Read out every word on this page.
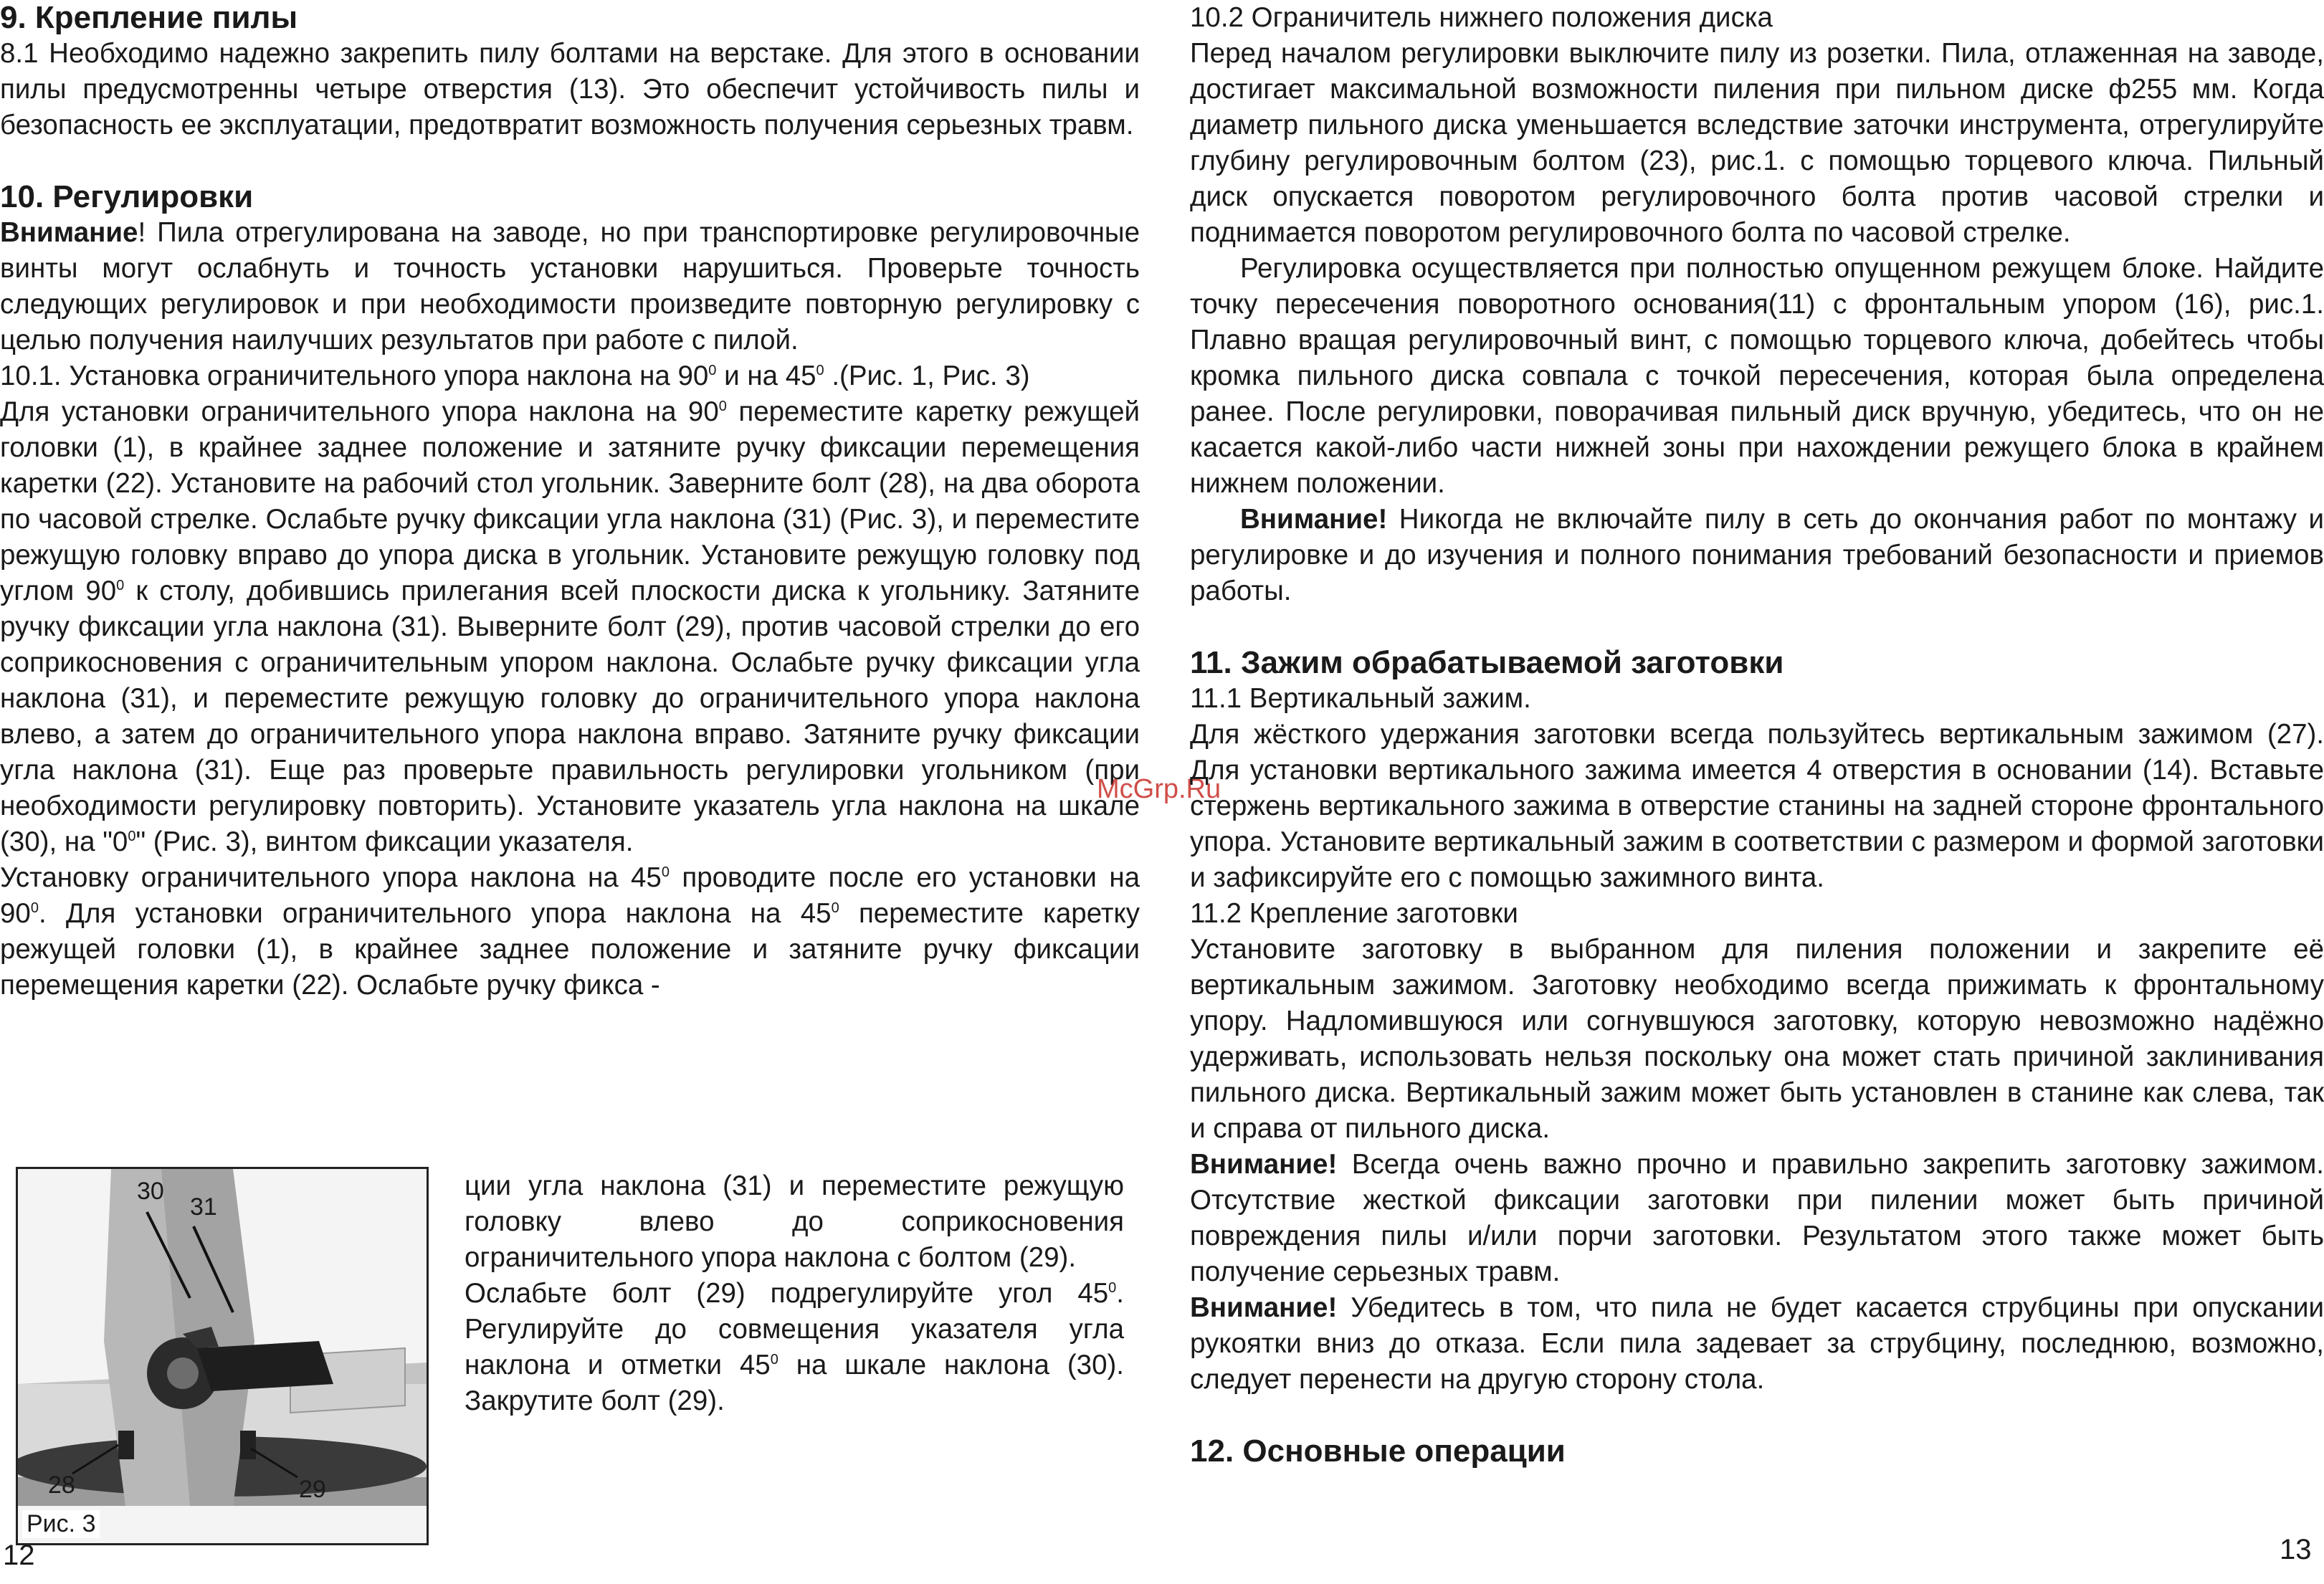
9. Крепление пилы

8.1 Необходимо надежно закрепить пилу болтами на верстаке. Для этого в основании пилы предусмотренны четыре отверстия (13). Это обеспечит устойчивость пилы и безопасность ее эксплуатации, предотвратит возможность получения серьезных травм.

10. Регулировки

Внимание! Пила отрегулирована на заводе, но при транспортировке регулировочные винты могут ослабнуть и точность установки нарушиться. Проверьте точность следующих регулировок и при необходимости произведите повторную регулировку с целью получения наилучших результатов при работе с пилой.

10.1. Установка ограничительного упора наклона на $90^0$ и на $45^0$ .(Рис. 1, Рис. 3)

Для установки ограничительного упора наклона на $90^0$ переместите каретку режущей головки (1), в крайнее заднее положение и затяните ручку фиксации перемещения каретки (22). Установите на рабочий стол угольник. Заверните болт (28), на два оборота по часовой стрелке. Ослабьте ручку фиксации угла наклона (31) (Рис. 3), и переместите режущую головку вправо до упора диска в угольник. Установите режущую головку под углом $90^0$ к столу, добившись прилегания всей плоскости диска к угольнику. Затяните ручку фиксации угла наклона (31). Выверните болт (29), против часовой стрелки до его соприкосновения с ограничительным упором наклона. Ослабьте ручку фиксации угла наклона (31), и переместите режущую головку до ограничительного упора наклона влево, а затем до ограничительного упора наклона вправо. Затяните ручку фиксации угла наклона (31). Еще раз проверьте правильность регулировки угольником (при необходимости регулировку повторить). Установите указатель угла наклона на шкале (30), на "$0^0$" (Рис. 3), винтом фиксации указателя.

Установку ограничительного упора наклона на $45^0$ проводите после его установки на $90^0$. Для установки ограничительного упора наклона на $45^0$ переместите каретку режущей головки (1), в крайнее заднее положение и затяните ручку фиксации перемещения каретки (22). Ослабьте ручку фикса -

30
31
28	29
Рис. 3

ции угла наклона (31) и переместите режущую головку влево до соприкосновения ограничительного упора наклона с болтом (29).

Ослабьте болт (29) подрегулируйте угол $45^0$. Регулируйте до совмещения указателя угла наклона и отметки $45^0$ на шкале наклона (30). Закрутите болт (29).

12
McGrp.Ru

10.2 Ограничитель нижнего положения диска

Перед началом регулировки выключите пилу из розетки. Пила, отлаженная на заводе, достигает максимальной возможности пиления при пильном диске ф255 мм. Когда диаметр пильного диска уменьшается вследствие заточки инструмента, отрегулируйте глубину регулировочным болтом (23), рис.1. с помощью торцевого ключа. Пильный диск опускается поворотом регулировочного болта против часовой стрелки и поднимается поворотом регулировочного болта по часовой стрелке.

Регулировка осуществляется при полностью опущенном режущем блоке. Найдите точку пересечения поворотного основания(11) с фронтальным упором (16), рис.1. Плавно вращая регулировочный винт, с помощью торцевого ключа, добейтесь чтобы кромка пильного диска совпала с точкой пересечения, которая была определена ранее. После регулировки, поворачивая пильный диск вручную, убедитесь, что он не касается какой-либо части нижней зоны при нахождении режущего блока в крайнем нижнем положении.

Внимание! Никогда не включайте пилу в сеть до окончания работ по монтажу и регулировке и до изучения и полного понимания требований безопасности и приемов работы.

11. Зажим обрабатываемой заготовки

11.1 Вертикальный зажим.

Для жёсткого удержания заготовки всегда пользуйтесь вертикальным зажимом (27). Для установки вертикального зажима имеется 4 отверстия в основании (14). Вставьте стержень вертикального зажима в отверстие станины на задней стороне фронтального упора. Установите вертикальный зажим в соответствии с размером и формой заготовки и зафиксируйте его с помощью зажимного винта.

11.2 Крепление заготовки

Установите заготовку в выбранном для пиления положении и закрепите её вертикальным зажимом. Заготовку необходимо всегда прижимать к фронтальному упору. Надломившуюся или согнувшуюся заготовку, которую невозможно надёжно удерживать, использовать нельзя поскольку она может стать причиной заклинивания пильного диска. Вертикальный зажим может быть установлен в станине как слева, так и справа от пильного диска.

Внимание! Всегда очень важно прочно и правильно закрепить заготовку зажимом. Отсутствие жесткой фиксации заготовки при пилении может быть причиной повреждения пилы и/или порчи заготовки. Результатом этого также может быть получение серьезных травм.

Внимание! Убедитесь в том, что пила не будет касается струбцины при опускании рукоятки вниз до отказа. Если пила задевает за струбцину, последнюю, возможно, следует перенести на другую сторону стола.

12. Основные операции
13
